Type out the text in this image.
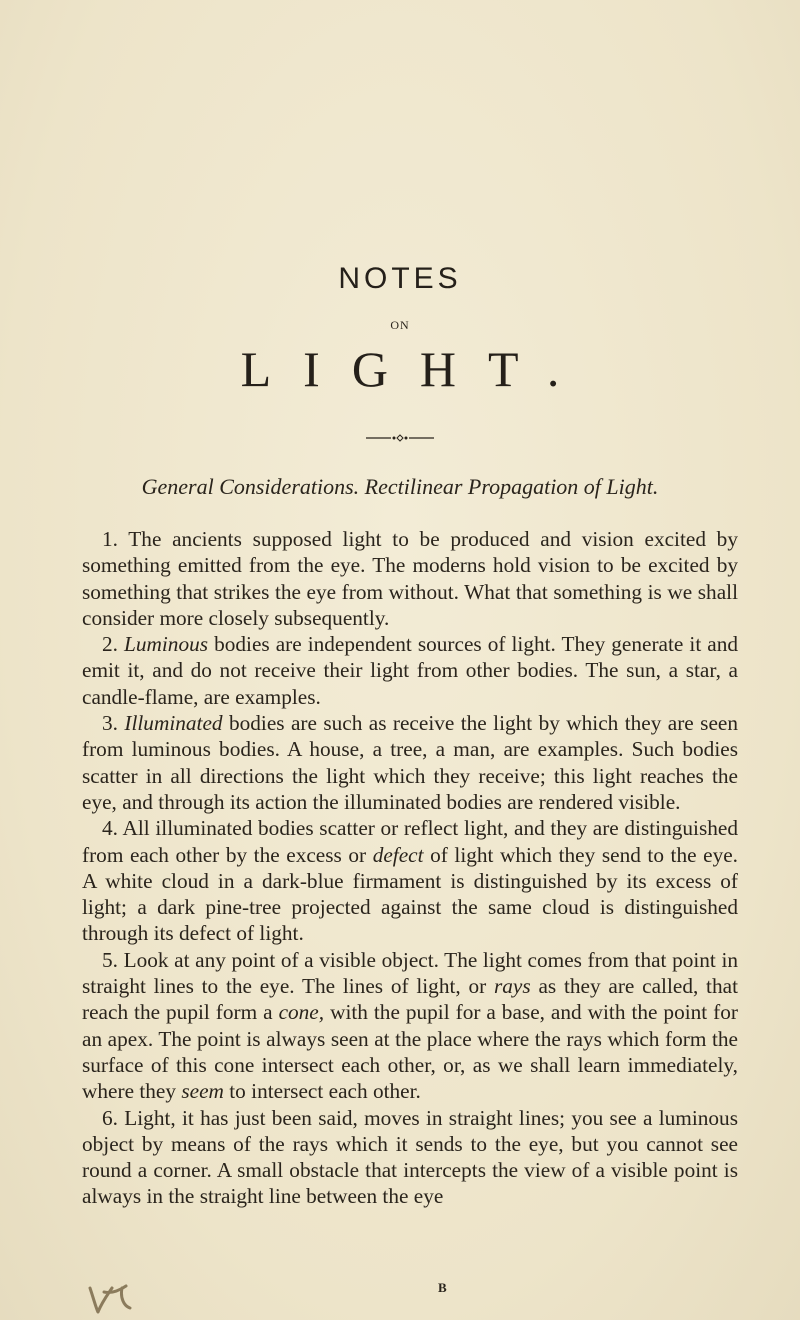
NOTES
ON
LIGHT.
General Considerations. Rectilinear Propagation of Light.

1. The ancients supposed light to be produced and vision excited by something emitted from the eye. The moderns hold vision to be excited by something that strikes the eye from without. What that something is we shall consider more closely subsequently.

2. Luminous bodies are independent sources of light. They generate it and emit it, and do not receive their light from other bodies. The sun, a star, a candle-flame, are examples.

3. Illuminated bodies are such as receive the light by which they are seen from luminous bodies. A house, a tree, a man, are examples. Such bodies scatter in all directions the light which they receive; this light reaches the eye, and through its action the illuminated bodies are rendered visible.

4. All illuminated bodies scatter or reflect light, and they are distinguished from each other by the excess or defect of light which they send to the eye. A white cloud in a dark-blue firmament is distinguished by its excess of light; a dark pine-tree projected against the same cloud is distinguished through its defect of light.

5. Look at any point of a visible object. The light comes from that point in straight lines to the eye. The lines of light, or rays as they are called, that reach the pupil form a cone, with the pupil for a base, and with the point for an apex. The point is always seen at the place where the rays which form the surface of this cone intersect each other, or, as we shall learn immediately, where they seem to intersect each other.

6. Light, it has just been said, moves in straight lines; you see a luminous object by means of the rays which it sends to the eye, but you cannot see round a corner. A small obstacle that intercepts the view of a visible point is always in the straight line between the eye

B
